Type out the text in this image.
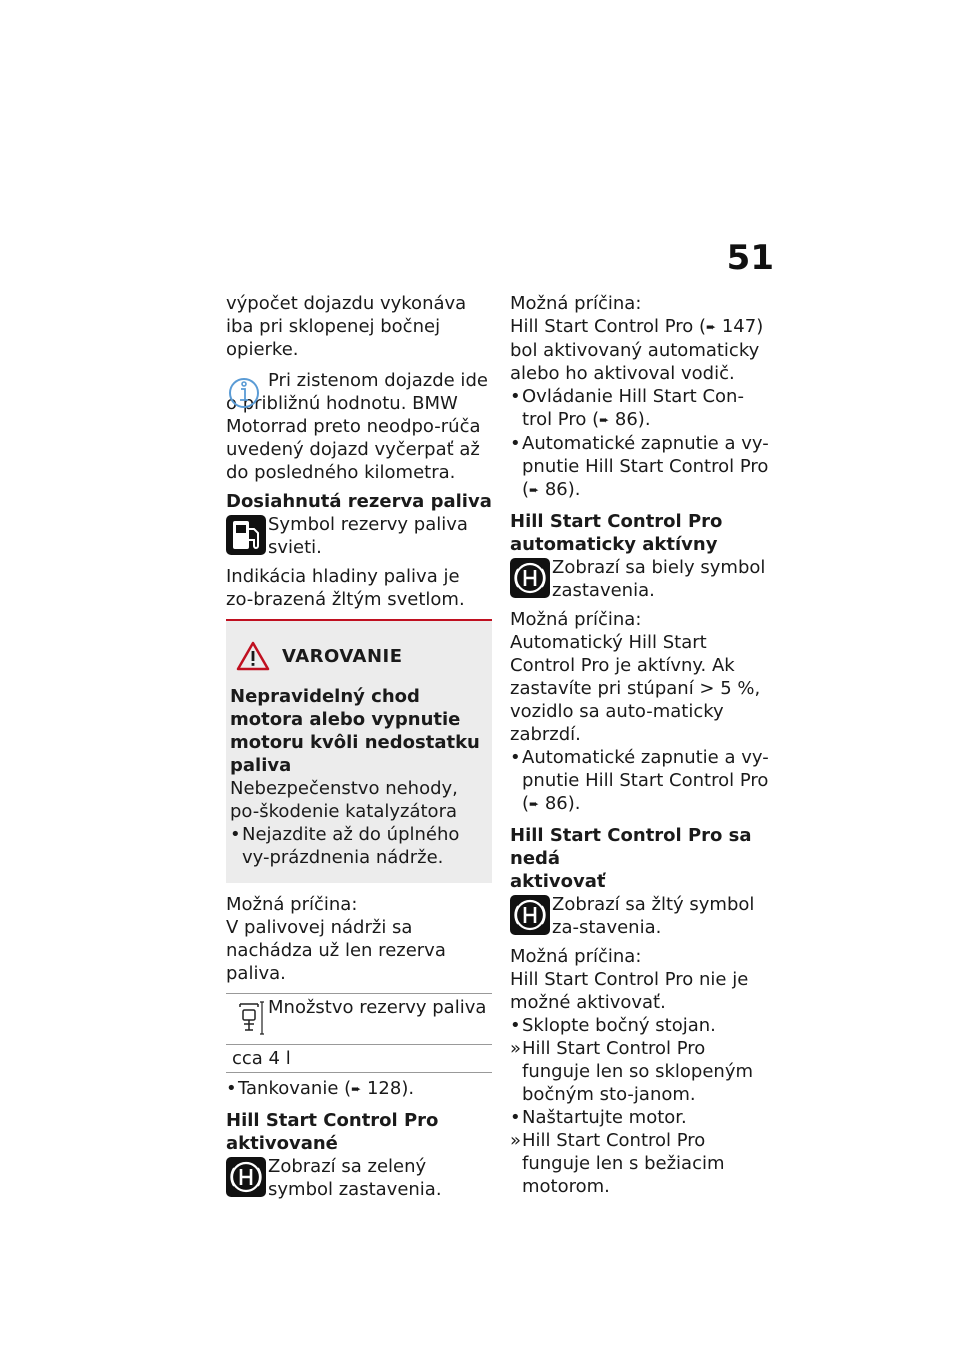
51

výpočet dojazdu vykonáva iba pri sklopenej bočnej opierke.

Pri zistenom dojazde ide o približnú hodnotu. BMW Motorrad preto neodpo-rúča uvedený dojazd vyčerpať až do posledného kilometra.

Dosiahnutá rezerva paliva

Symbol rezervy paliva svieti.

Indikácia hladiny paliva je zo-brazená žltým svetlom.

VAROVANIE

Nepravidelný chod motora alebo vypnutie motoru kvôli nedostatku paliva

Nebezpečenstvo nehody, po-škodenie katalyzátora

•Nejazdite až do úplného vy-prázdnenia nádrže.

Možná príčina:

V palivovej nádrži sa nachádza už len rezerva paliva.

Množstvo rezervy paliva
cca 4 l
•Tankovanie (➨ 128).

Hill Start Control Pro

aktivované

Zobrazí sa zelený symbol zastavenia.

Možná príčina:

Hill Start Control Pro (➨ 147) bol aktivovaný automaticky alebo ho aktivoval vodič.

•Ovládanie Hill Start Con-trol Pro (➨ 86).
•Automatické zapnutie a vy-pnutie Hill Start Control Pro (➨ 86).

Hill Start Control Pro

automaticky aktívny

Zobrazí sa biely symbol zastavenia.

Možná príčina:

Automatický Hill Start Control Pro je aktívny. Ak zastavíte pri stúpaní > 5 %, vozidlo sa auto-maticky zabrzdí.

•Automatické zapnutie a vy-pnutie Hill Start Control Pro (➨ 86).

Hill Start Control Pro sa nedá

aktivovať

Zobrazí sa žltý symbol za-stavenia.

Možná príčina:

Hill Start Control Pro nie je možné aktivovať.

•Sklopte bočný stojan.
»Hill Start Control Pro funguje len so sklopeným bočným sto-janom.
•Naštartujte motor.
»Hill Start Control Pro funguje len s bežiacim motorom.
